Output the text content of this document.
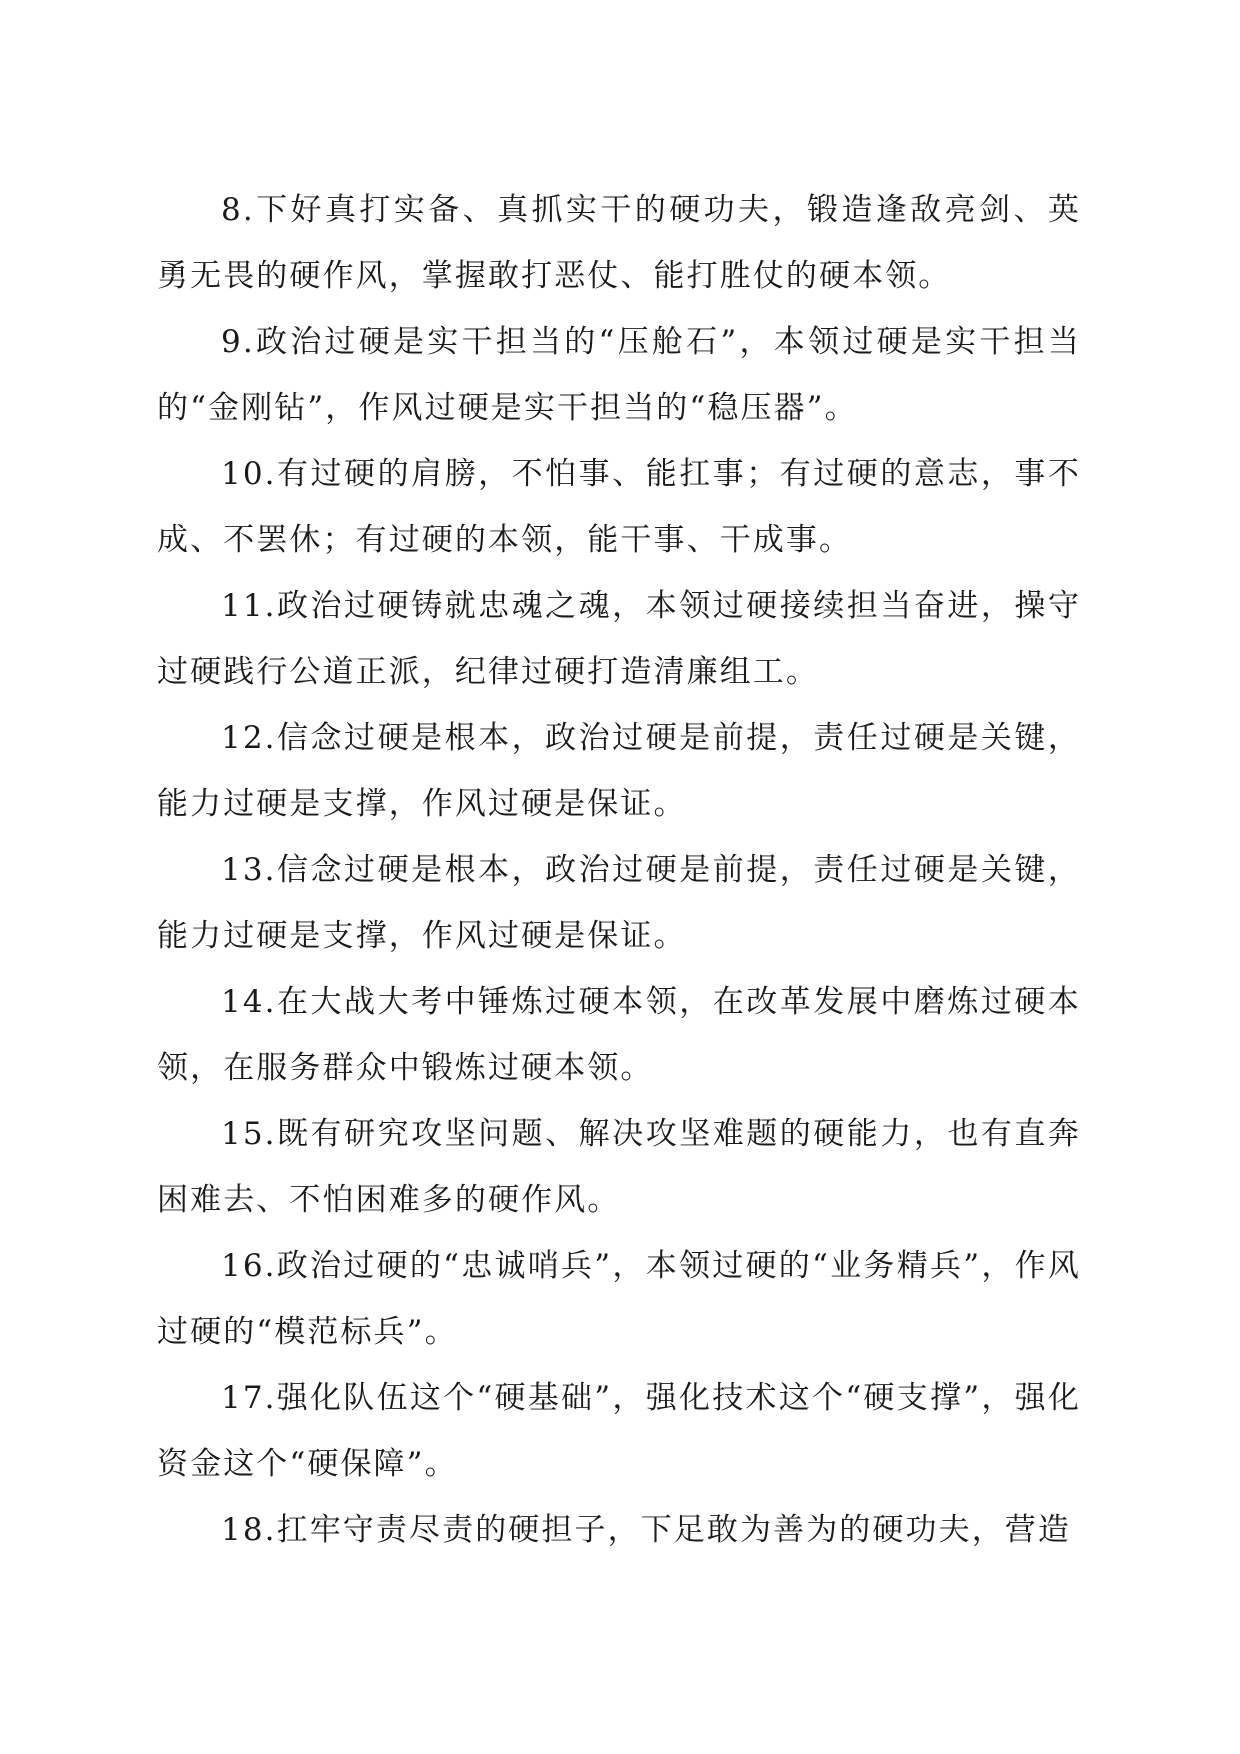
8.下好真打实备、真抓实干的硬功夫，锻造逢敌亮剑、英勇无畏的硬作风，掌握敢打恶仗、能打胜仗的硬本领。

9.政治过硬是实干担当的“压舱石”，本领过硬是实干担当的“金刚钻”，作风过硬是实干担当的“稳压器”。

10.有过硬的肩膀，不怕事、能扛事；有过硬的意志，事不成、不罢休；有过硬的本领，能干事、干成事。

11.政治过硬铸就忠魂之魂，本领过硬接续担当奋进，操守过硬践行公道正派，纪律过硬打造清廉组工。

12.信念过硬是根本，政治过硬是前提，责任过硬是关键，能力过硬是支撑，作风过硬是保证。

13.信念过硬是根本，政治过硬是前提，责任过硬是关键，能力过硬是支撑，作风过硬是保证。

14.在大战大考中锤炼过硬本领，在改革发展中磨炼过硬本领，在服务群众中锻炼过硬本领。

15.既有研究攻坚问题、解决攻坚难题的硬能力，也有直奔困难去、不怕困难多的硬作风。

16.政治过硬的“忠诚哨兵”，本领过硬的“业务精兵”，作风过硬的“模范标兵”。

17.强化队伍这个“硬基础”，强化技术这个“硬支撑”，强化资金这个“硬保障”。

18.扛牢守责尽责的硬担子，下足敢为善为的硬功夫，营造
